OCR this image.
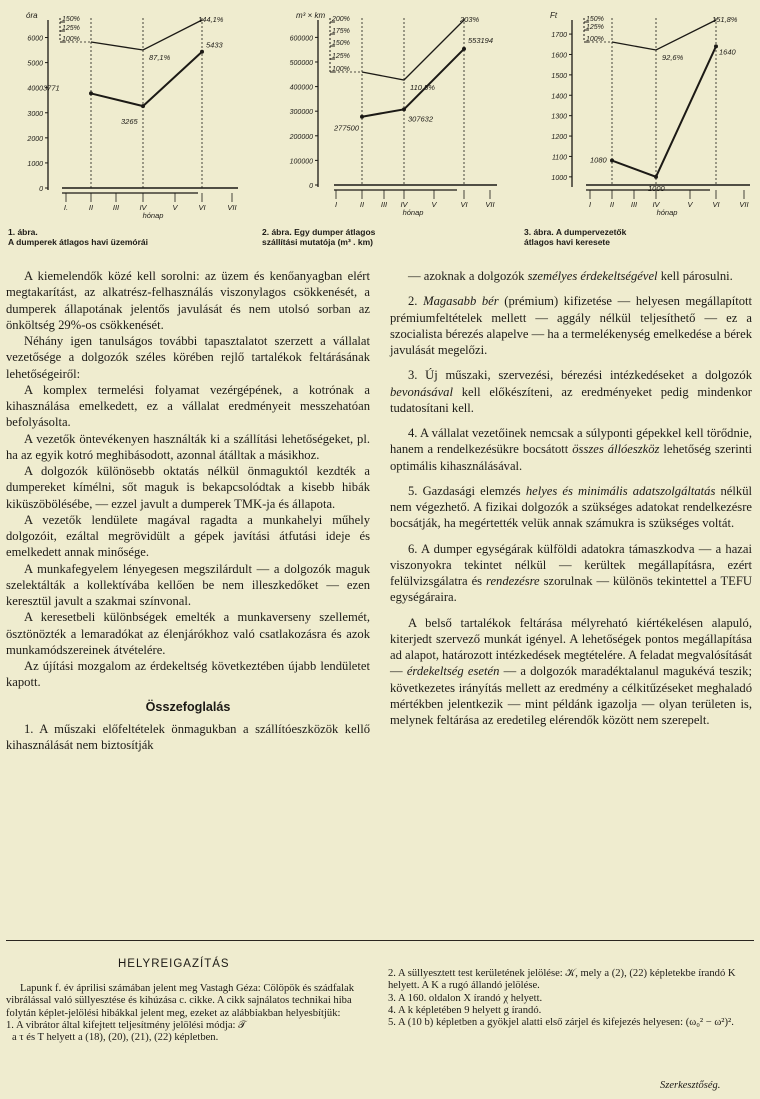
óra
0
1000
2000
3000
4000
5000
6000
150%
125%
100%
I.	II	III	IV	V	VI	VII
hónap
3771
3265
5433
144,1%
87,1%
1. ábra.
A dumperek átlagos havi üzemórái
m³ × km
0
100000
200000
300000
400000
500000
600000
200%
175%
150%
125%
100%
I	II III IV	V	VI VII
hónap
277500
307632
553194
203%
110,5%
2. ábra. Egy dumper átlagos
szállítási mutatója (m³ . km)
Ft
1000
1100
1200
1300
1400
1500
1600
1700
150%
125%
100%
I	II III IV	V	VI	VII
hónap
1080
1000
1640
151,8%
92,6%
3. ábra. A dumpervezetők
átlagos havi keresete

A kiemelendők közé kell sorolni: az üzem és kenőanyagban elért megtakarítást, az alkatrész-felhasználás viszonylagos csökkenését, a dumperek állapotának jelentős javulását és nem utolsó sorban az önköltség 29%-os csökkenését.

Néhány igen tanulságos további tapasztalatot szerzett a vállalat vezetősége a dolgozók széles körében rejlő tartalékok feltárásának lehetőségeiről:

A komplex termelési folyamat vezérgépének, a kotrónak a kihasználása emelkedett, ez a vállalat eredményeit messzehatóan befolyásolta.

A vezetők öntevékenyen használták ki a szállítási lehetőségeket, pl. ha az egyik kotró meghibásodott, azonnal átálltak a másikhoz.

A dolgozók különösebb oktatás nélkül önmaguktól kezdték a dumpereket kímélni, sőt maguk is bekapcsolódtak a kisebb hibák kiküszöbölésébe, — ezzel javult a dumperek TMK-ja és állapota.

A vezetők lendülete magával ragadta a munkahelyi műhely dolgozóit, ezáltal megrövidült a gépek javítási átfutási ideje és emelkedett annak minősége.

A munkafegyelem lényegesen megszilárdult — a dolgozók maguk szelektálták a kollektívába kellően be nem illeszkedőket — ezen keresztül javult a szakmai színvonal.

A keresetbeli különbségek emelték a munkaverseny szellemét, ösztönözték a lemaradókat az élenjárókhoz való csatlakozásra és azok munkamódszereinek átvételére.

Az újítási mozgalom az érdekeltség következtében újabb lendületet kapott.

Összefoglalás

1. A műszaki előfeltételek önmagukban a szállítóeszközök kellő kihasználását nem biztosítják

— azoknak a dolgozók személyes érdekeltségével kell párosulni.

2. Magasabb bér (prémium) kifizetése — helyesen megállapított prémiumfeltételek mellett — aggály nélkül teljesíthető — ez a szocialista bérezés alapelve — ha a termelékenység emelkedése a bérek javulását megelőzi.

3. Új műszaki, szervezési, bérezési intézkedéseket a dolgozók bevonásával kell előkészíteni, az eredményeket pedig mindenkor tudatosítani kell.

4. A vállalat vezetőinek nemcsak a súlyponti gépekkel kell törődnie, hanem a rendelkezésükre bocsátott összes állóeszköz lehetőség szerinti optimális kihasználásával.

5. Gazdasági elemzés helyes és minimális adatszolgáltatás nélkül nem végezhető. A fizikai dolgozók a szükséges adatokat rendelkezésre bocsátják, ha megértették velük annak számukra is szükséges voltát.

6. A dumper egységárak külföldi adatokra támaszkodva — a hazai viszonyokra tekintet nélkül — kerültek megállapításra, ezért felülvizsgálatra és rendezésre szorulnak — különös tekintettel a TEFU egységáraira.

A belső tartalékok feltárása mélyreható kiértékelésen alapuló, kiterjedt szervező munkát igényel. A lehetőségek pontos megállapítása ad alapot, határozott intézkedések megtételére. A feladat megvalósítását — érdekeltség esetén — a dolgozók maradéktalanul magukévá teszik; következetes irányítás mellett az eredmény a célkitűzéseket meghaladó mértékben jelentkezik — mint példánk igazolja — olyan területen is, melynek feltárása az eredetileg elérendők között nem szerepelt.

HELYREIGAZÍTÁS

Lapunk f. év áprilisi számában jelent meg Vastagh Géza: Cölöpök és szádfalak vibrálással való süllyesztése és kihúzása c. cikke. A cikk sajnálatos technikai hiba folytán képlet-jelölési hibákkal jelent meg, ezeket az alábbiakban helyesbítjük:

1. A vibrátor által kifejtett teljesítmény jelölési módja: 𝒯

a τ és T helyett a (18), (20), (21), (22) képletben.

2. A süllyesztett test kerületének jelölése: 𝒦, mely a (2), (22) képletekbe írandó K helyett. A K a rugó állandó jelölése.

3. A 160. oldalon X írandó χ helyett.

4. A k képletében 9 helyett g írandó.

5. A (10 b) képletben a gyökjel alatti első zárjel és kifejezés helyesen: (ω₀² − ω²)².

Szerkesztőség.
